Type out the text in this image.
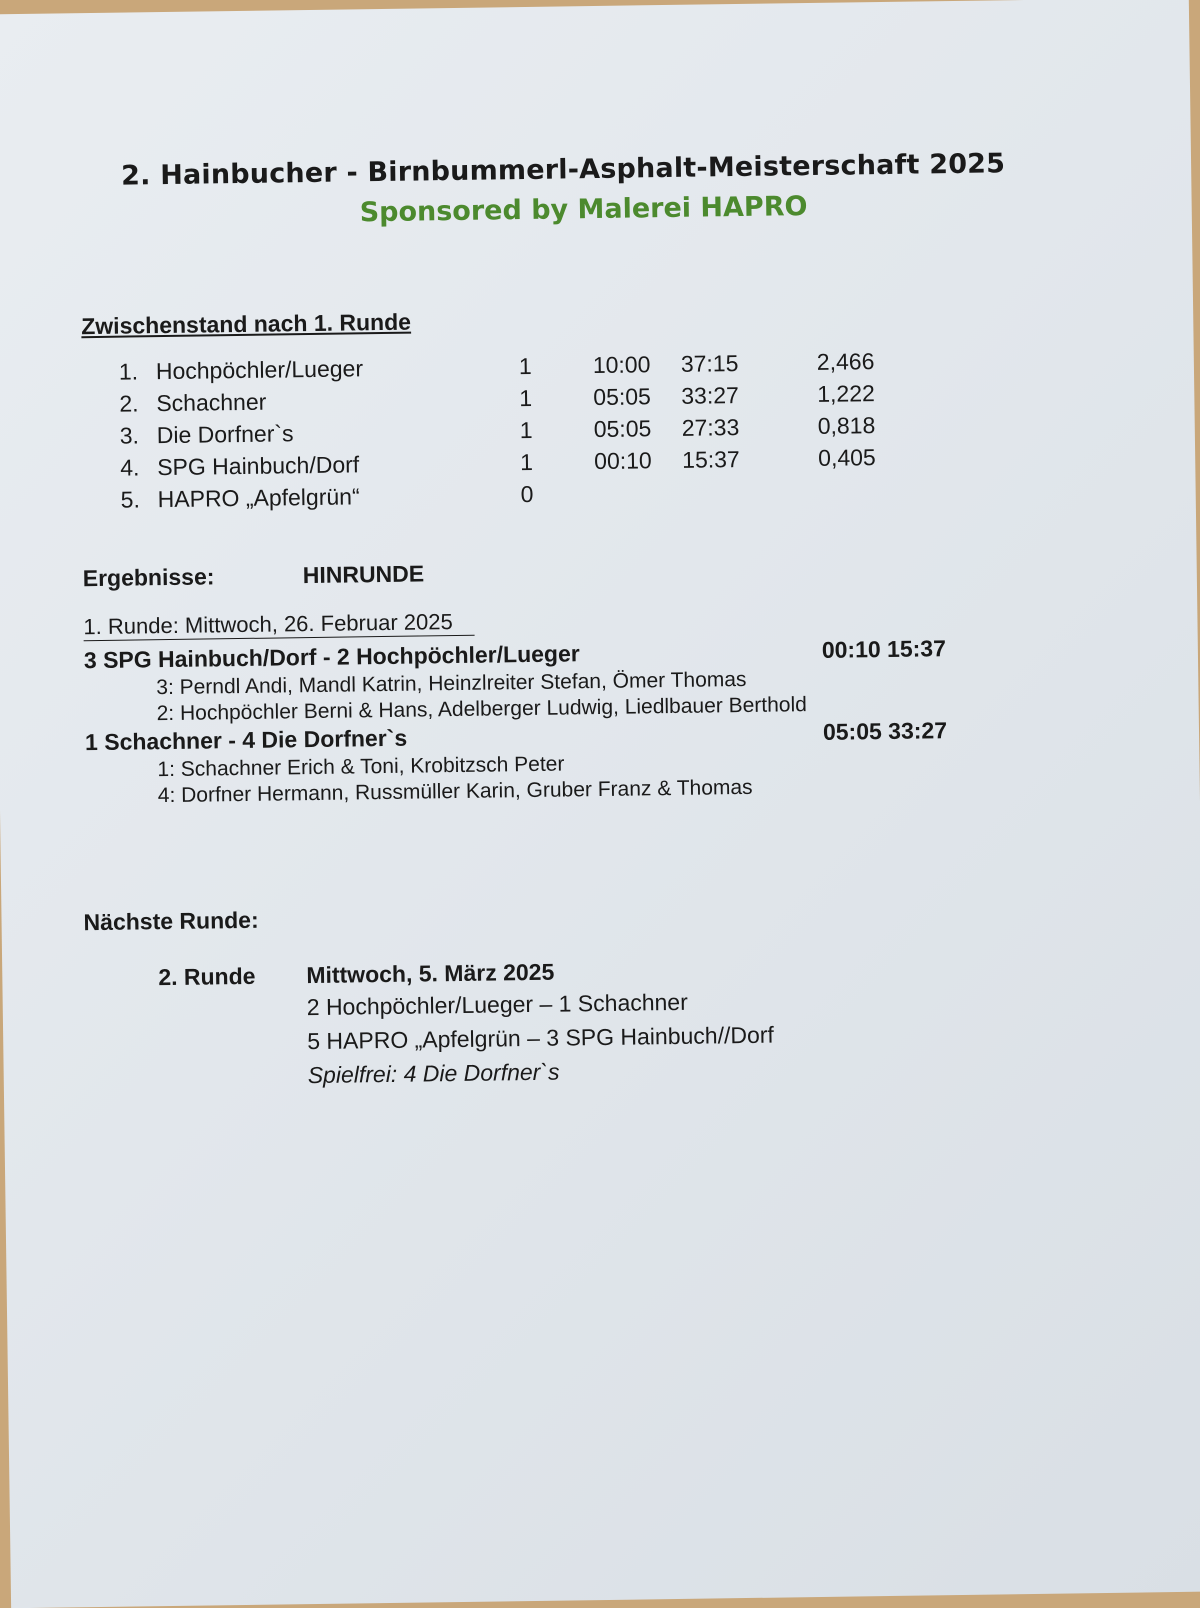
2. Hainbucher - Birnbummerl-Asphalt-Meisterschaft 2025
Sponsored by Malerei HAPRO
Zwischenstand nach 1. Runde
1. Hochpöchler/Lueger	1	10:00 37:15	2,466
2. Schachner	1	05:05 33:27	1,222
3. Die Dorfner`s	1	05:05 27:33	0,818
4. SPG Hainbuch/Dorf	1	00:10 15:37	0,405
5. HAPRO „Apfelgrün“	0
Ergebnisse:	HINRUNDE
1. Runde: Mittwoch, 26. Februar 2025
3 SPG Hainbuch/Dorf - 2 Hochpöchler/Lueger	00:10 15:37
3: Perndl Andi, Mandl Katrin, Heinzlreiter Stefan, Ömer Thomas
2: Hochpöchler Berni & Hans, Adelberger Ludwig, Liedlbauer Berthold
1 Schachner - 4 Die Dorfner`s	05:05 33:27
1: Schachner Erich & Toni, Krobitzsch Peter
4: Dorfner Hermann, Russmüller Karin, Gruber Franz & Thomas
Nächste Runde:
2. Runde Mittwoch, 5. März 2025
2 Hochpöchler/Lueger – 1 Schachner
5 HAPRO „Apfelgrün – 3 SPG Hainbuch//Dorf
Spielfrei: 4 Die Dorfner`s
